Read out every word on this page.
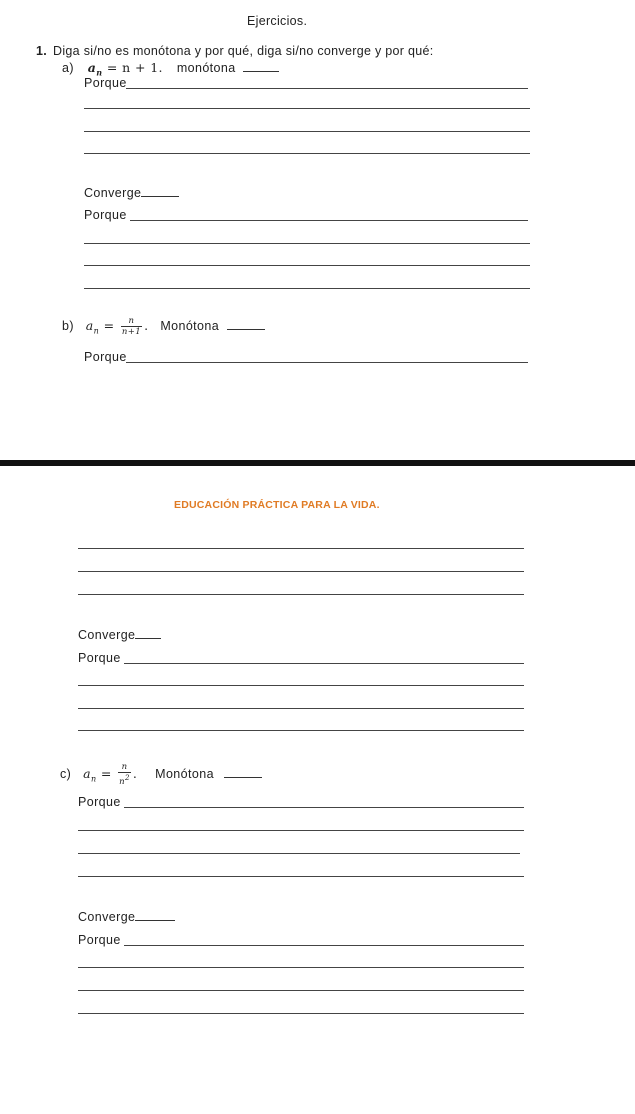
Ejercicios.
1. Diga si/no es monótona y por qué, diga si/no converge y por qué:
a) $a_n = n + 1$. monótona
Porque
Converge
Porque
b) $a_n = \frac{n}{n+1}$ . Monótona
Porque
EDUCACIÓN PRÁCTICA PARA LA VIDA.
Converge
Porque
c) $a_n = \frac{n}{n^2}$ . Monótona
Porque
Converge
Porque
